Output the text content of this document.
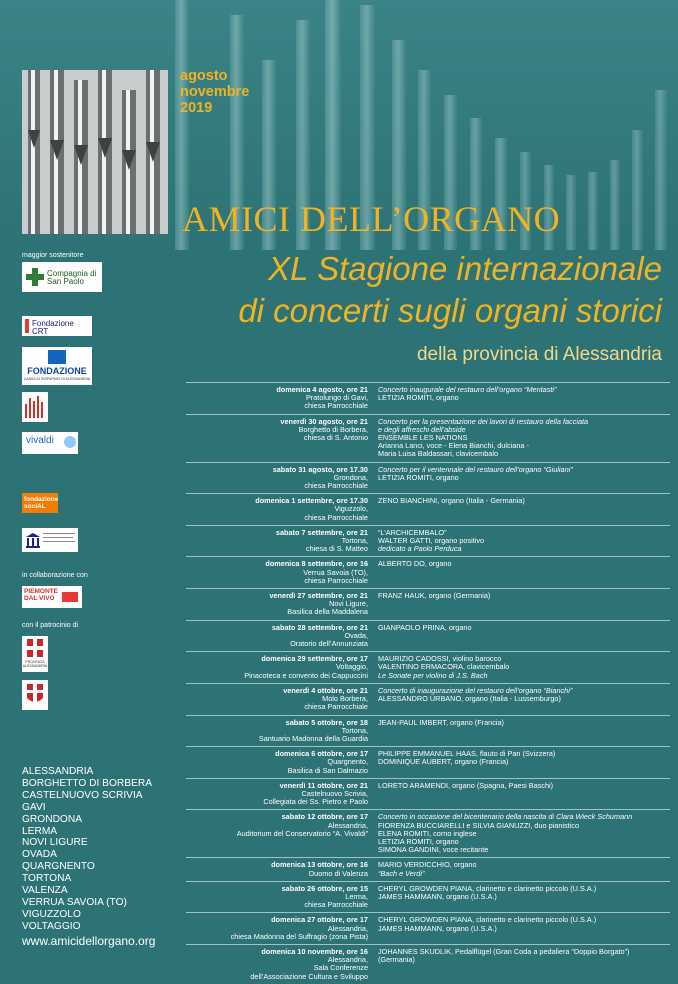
agosto
novembre
2019
AMICI DELL’ORGANO
XL Stagione internazionale
di concerti sugli organi storici
della provincia di Alessandria
maggior sostenitore
Compagnia di San Paolo
Fondazione CRT
FONDAZIONE
CASSA DI RISPARMIO DI ALESSANDRIA
vivaldi
fondazione sociAL
in collaborazione con
PIEMONTE DAL VIVO
con il patrocinio di
PROVINCIA ALESSANDRIA
ALESSANDRIA
BORGHETTO DI BORBERA
CASTELNUOVO SCRIVIA
GAVI
GRONDONA
LERMA
NOVI LIGURE
OVADA
QUARGNENTO
TORTONA
VALENZA
VERRUA SAVOIA (TO)
VIGUZZOLO
VOLTAGGIO
www.amicidellorgano.org
domenica 4 agosto, ore 21
Pratolungo di Gavi,
chiesa Parrocchiale
Concerto inaugurale del restauro dell’organo “Mentasti”
LETIZIA ROMITI, organo
venerdì 30 agosto, ore 21
Borghetto di Borbera,
chiesa di S. Antonio
Concerto per la presentazione dei lavori di restauro della facciata
e degli affreschi dell’abside
ENSEMBLE LES NATIONS
Arianna Lanci, voce - Elena Bianchi, dulciana -
Maria Luisa Baldassari, clavicembalo
sabato 31 agosto, ore 17.30
Grondona,
chiesa Parrocchiale
Concerto per il ventennale del restauro dell’organo “Giuliani”
LETIZIA ROMITI, organo
domenica 1 settembre, ore 17.30
Viguzzolo,
chiesa Parrocchiale
ZENO BIANCHINI, organo (Italia - Germania)
sabato 7 settembre, ore 21
Tortona,
chiesa di S. Matteo
“L’ARCHICEMBALO”
WALTER GATTI, organo positivo
dedicato a Paolo Perduca
domenica 8 settembre, ore 16
Verrua Savoia (TO),
chiesa Parrocchiale
ALBERTO DO, organo
venerdì 27 settembre, ore 21
Novi Ligure,
Basilica della Maddalena
FRANZ HAUK, organo (Germania)
sabato 28 settembre, ore 21
Ovada,
Oratorio dell’Annunziata
GIANPAOLO PRINA, organo
domenica 29 settembre, ore 17
Voltaggio,
Pinacoteca e convento dei Cappuccini
MAURIZIO CADOSSI, violino barocco
VALENTINO ERMACORA, clavicembalo
Le Sonate per violino di J.S. Bach
venerdì 4 ottobre, ore 21
Molo Borbera,
chiesa Parrocchiale
Concerto di inaugurazione del restauro dell’organo “Bianchi”
ALESSANDRO URBANO, organo (Italia - Lussemburgo)
sabato 5 ottobre, ore 18
Tortona,
Santuario Madonna della Guardia
JEAN-PAUL IMBERT, organo (Francia)
domenica 6 ottobre, ore 17
Quargnento,
Basilica di San Dalmazio
PHILIPPE EMMANUEL HAAS, flauto di Pan (Svizzera)
DOMINIQUE AUBERT, organo (Francia)
venerdì 11 ottobre, ore 21
Castelnuovo Scrivia,
Collegiata dei Ss. Pietro e Paolo
LORETO ARAMENDI, organo (Spagna, Paesi Baschi)
sabato 12 ottobre, ore 17
Alessandria,
Auditorium del Conservatorio “A. Vivaldi”
Concerto in occasione del bicentenario della nascita di Clara Wieck Schumann
FIORENZA BUCCIARELLI e SILVIA GIANUZZI, duo pianistico
ELENA ROMITI, corno inglese
LETIZIA ROMITI, organo
SIMONA GANDINI, voce recitante
domenica 13 ottobre, ore 16
Duomo di Valenza
MARIO VERDICCHIO, organo
“Bach e Verdi”
sabato 26 ottobre, ore 15
Lerma,
chiesa Parrocchiale
CHERYL GROWDEN PIANA, clarinetto e clarinetto piccolo (U.S.A.)
JAMES HAMMANN, organo (U.S.A.)
domenica 27 ottobre, ore 17
Alessandria,
chiesa Madonna del Suffragio (zona Pista)
CHERYL GROWDEN PIANA, clarinetto e clarinetto piccolo (U.S.A.)
JAMES HAMMANN, organo (U.S.A.)
domenica 10 novembre, ore 16
Alessandria,
Sala Conferenze
dell’Associazione Cultura e Sviluppo
JOHANNES SKUDLIK, Pedalflügel (Gran Coda a pedaliera “Doppio Borgato”)
(Germania)
